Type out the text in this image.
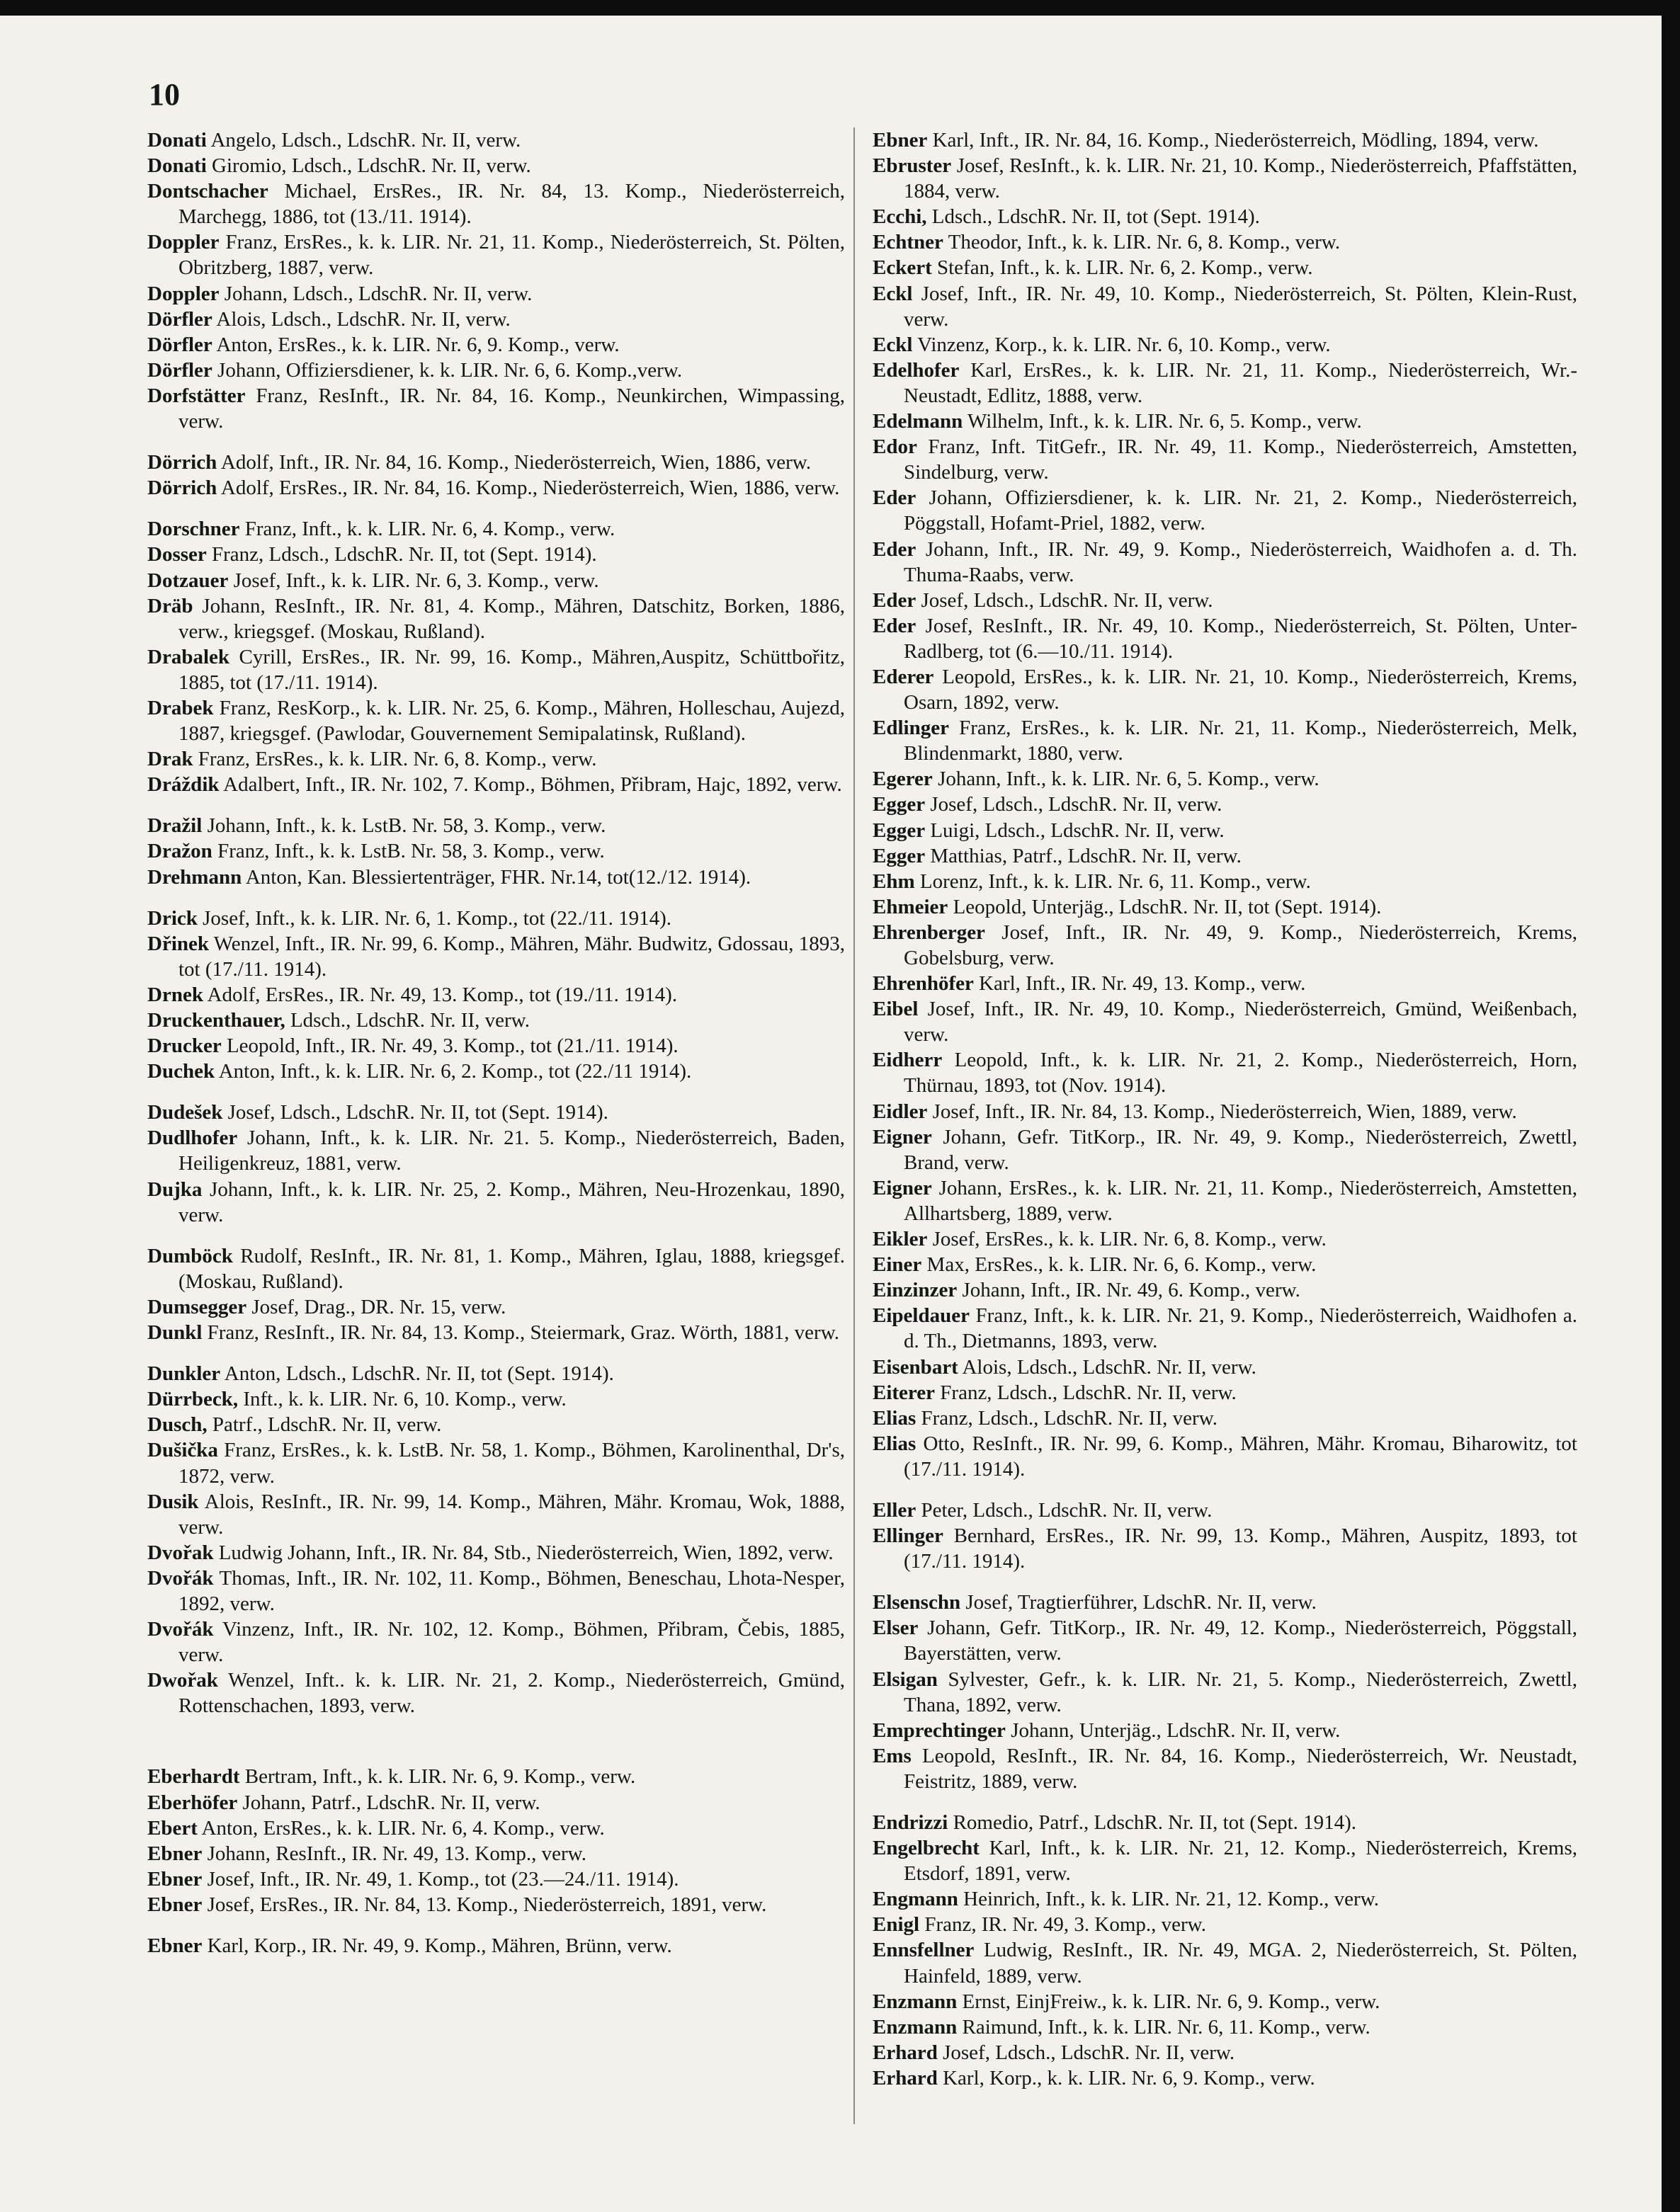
10
Donati Angelo, Ldsch., LdschR. Nr. II, verw.
Donati Giromio, Ldsch., LdschR. Nr. II, verw.
Dontschacher Michael, ErsRes., IR. Nr. 84, 13. Komp., Niederösterreich, Marchegg, 1886, tot (13./11. 1914).
Doppler Franz, ErsRes., k. k. LIR. Nr. 21, 11. Komp., Niederösterreich, St. Pölten, Obritzberg, 1887, verw.
Doppler Johann, Ldsch., LdschR. Nr. II, verw.
Dörfler Alois, Ldsch., LdschR. Nr. II, verw.
Dörfler Anton, ErsRes., k. k. LIR. Nr. 6, 9. Komp., verw.
Dörfler Johann, Offiziersdiener, k. k. LIR. Nr. 6, 6. Komp.,verw.
Dorfstätter Franz, ResInft., IR. Nr. 84, 16. Komp., Neunkirchen, Wimpassing, verw.
Dörrich Adolf, Inft., IR. Nr. 84, 16. Komp., Niederösterreich, Wien, 1886, verw.
Dörrich Adolf, ErsRes., IR. Nr. 84, 16. Komp., Niederösterreich, Wien, 1886, verw.
Dorschner Franz, Inft., k. k. LIR. Nr. 6, 4. Komp., verw.
Dosser Franz, Ldsch., LdschR. Nr. II, tot (Sept. 1914).
Dotzauer Josef, Inft., k. k. LIR. Nr. 6, 3. Komp., verw.
Dräb Johann, ResInft., IR. Nr. 81, 4. Komp., Mähren, Datschitz, Borken, 1886, verw., kriegsgef. (Moskau, Rußland).
Drabalek Cyrill, ErsRes., IR. Nr. 99, 16. Komp., Mähren,Auspitz, Schüttbořitz, 1885, tot (17./11. 1914).
Drabek Franz, ResKorp., k. k. LIR. Nr. 25, 6. Komp., Mähren, Holleschau, Aujezd, 1887, kriegsgef. (Pawlodar, Gouvernement Semipalatinsk, Rußland).
Drak Franz, ErsRes., k. k. LIR. Nr. 6, 8. Komp., verw.
Dráždik Adalbert, Inft., IR. Nr. 102, 7. Komp., Böhmen, Přibram, Hajc, 1892, verw.
Dražil Johann, Inft., k. k. LstB. Nr. 58, 3. Komp., verw.
Dražon Franz, Inft., k. k. LstB. Nr. 58, 3. Komp., verw.
Drehmann Anton, Kan. Blessiertenträger, FHR. Nr.14, tot(12./12. 1914).
Drick Josef, Inft., k. k. LIR. Nr. 6, 1. Komp., tot (22./11. 1914).
Dřinek Wenzel, Inft., IR. Nr. 99, 6. Komp., Mähren, Mähr. Budwitz, Gdossau, 1893, tot (17./11. 1914).
Drnek Adolf, ErsRes., IR. Nr. 49, 13. Komp., tot (19./11. 1914).
Druckenthauer, Ldsch., LdschR. Nr. II, verw.
Drucker Leopold, Inft., IR. Nr. 49, 3. Komp., tot (21./11. 1914).
Duchek Anton, Inft., k. k. LIR. Nr. 6, 2. Komp., tot (22./11 1914).
Dudešek Josef, Ldsch., LdschR. Nr. II, tot (Sept. 1914).
Dudlhofer Johann, Inft., k. k. LIR. Nr. 21. 5. Komp., Niederösterreich, Baden, Heiligenkreuz, 1881, verw.
Dujka Johann, Inft., k. k. LIR. Nr. 25, 2. Komp., Mähren, Neu-Hrozenkau, 1890, verw.
Dumböck Rudolf, ResInft., IR. Nr. 81, 1. Komp., Mähren, Iglau, 1888, kriegsgef. (Moskau, Rußland).
Dumsegger Josef, Drag., DR. Nr. 15, verw.
Dunkl Franz, ResInft., IR. Nr. 84, 13. Komp., Steiermark, Graz. Wörth, 1881, verw.
Dunkler Anton, Ldsch., LdschR. Nr. II, tot (Sept. 1914).
Dürrbeck, Inft., k. k. LIR. Nr. 6, 10. Komp., verw.
Dusch, Patrf., LdschR. Nr. II, verw.
Dušička Franz, ErsRes., k. k. LstB. Nr. 58, 1. Komp., Böhmen, Karolinenthal, Dr's, 1872, verw.
Dusik Alois, ResInft., IR. Nr. 99, 14. Komp., Mähren, Mähr. Kromau, Wok, 1888, verw.
Dvořak Ludwig Johann, Inft., IR. Nr. 84, Stb., Niederösterreich, Wien, 1892, verw.
Dvořák Thomas, Inft., IR. Nr. 102, 11. Komp., Böhmen, Beneschau, Lhota-Nesper, 1892, verw.
Dvořák Vinzenz, Inft., IR. Nr. 102, 12. Komp., Böhmen, Přibram, Čebis, 1885, verw.
Dwořak Wenzel, Inft.. k. k. LIR. Nr. 21, 2. Komp., Niederösterreich, Gmünd, Rottenschachen, 1893, verw.
Eberhardt Bertram, Inft., k. k. LIR. Nr. 6, 9. Komp., verw.
Eberhöfer Johann, Patrf., LdschR. Nr. II, verw.
Ebert Anton, ErsRes., k. k. LIR. Nr. 6, 4. Komp., verw.
Ebner Johann, ResInft., IR. Nr. 49, 13. Komp., verw.
Ebner Josef, Inft., IR. Nr. 49, 1. Komp., tot (23.—24./11. 1914).
Ebner Josef, ErsRes., IR. Nr. 84, 13. Komp., Niederösterreich, 1891, verw.
Ebner Karl, Korp., IR. Nr. 49, 9. Komp., Mähren, Brünn, verw.
Ebner Karl, Inft., IR. Nr. 84, 16. Komp., Niederösterreich, Mödling, 1894, verw.
Ebruster Josef, ResInft., k. k. LIR. Nr. 21, 10. Komp., Niederösterreich, Pfaffstätten, 1884, verw.
Ecchi, Ldsch., LdschR. Nr. II, tot (Sept. 1914).
Echtner Theodor, Inft., k. k. LIR. Nr. 6, 8. Komp., verw.
Eckert Stefan, Inft., k. k. LIR. Nr. 6, 2. Komp., verw.
Eckl Josef, Inft., IR. Nr. 49, 10. Komp., Niederösterreich, St. Pölten, Klein-Rust, verw.
Eckl Vinzenz, Korp., k. k. LIR. Nr. 6, 10. Komp., verw.
Edelhofer Karl, ErsRes., k. k. LIR. Nr. 21, 11. Komp., Niederösterreich, Wr.-Neustadt, Edlitz, 1888, verw.
Edelmann Wilhelm, Inft., k. k. LIR. Nr. 6, 5. Komp., verw.
Edor Franz, Inft. TitGefr., IR. Nr. 49, 11. Komp., Niederösterreich, Amstetten, Sindelburg, verw.
Eder Johann, Offiziersdiener, k. k. LIR. Nr. 21, 2. Komp., Niederösterreich, Pöggstall, Hofamt-Priel, 1882, verw.
Eder Johann, Inft., IR. Nr. 49, 9. Komp., Niederösterreich, Waidhofen a. d. Th. Thuma-Raabs, verw.
Eder Josef, Ldsch., LdschR. Nr. II, verw.
Eder Josef, ResInft., IR. Nr. 49, 10. Komp., Niederösterreich, St. Pölten, Unter-Radlberg, tot (6.—10./11. 1914).
Ederer Leopold, ErsRes., k. k. LIR. Nr. 21, 10. Komp., Niederösterreich, Krems, Osarn, 1892, verw.
Edlinger Franz, ErsRes., k. k. LIR. Nr. 21, 11. Komp., Niederösterreich, Melk, Blindenmarkt, 1880, verw.
Egerer Johann, Inft., k. k. LIR. Nr. 6, 5. Komp., verw.
Egger Josef, Ldsch., LdschR. Nr. II, verw.
Egger Luigi, Ldsch., LdschR. Nr. II, verw.
Egger Matthias, Patrf., LdschR. Nr. II, verw.
Ehm Lorenz, Inft., k. k. LIR. Nr. 6, 11. Komp., verw.
Ehmeier Leopold, Unterjäg., LdschR. Nr. II, tot (Sept. 1914).
Ehrenberger Josef, Inft., IR. Nr. 49, 9. Komp., Niederösterreich, Krems, Gobelsburg, verw.
Ehrenhöfer Karl, Inft., IR. Nr. 49, 13. Komp., verw.
Eibel Josef, Inft., IR. Nr. 49, 10. Komp., Niederösterreich, Gmünd, Weißenbach, verw.
Eidherr Leopold, Inft., k. k. LIR. Nr. 21, 2. Komp., Niederösterreich, Horn, Thürnau, 1893, tot (Nov. 1914).
Eidler Josef, Inft., IR. Nr. 84, 13. Komp., Niederösterreich, Wien, 1889, verw.
Eigner Johann, Gefr. TitKorp., IR. Nr. 49, 9. Komp., Niederösterreich, Zwettl, Brand, verw.
Eigner Johann, ErsRes., k. k. LIR. Nr. 21, 11. Komp., Niederösterreich, Amstetten, Allhartsberg, 1889, verw.
Eikler Josef, ErsRes., k. k. LIR. Nr. 6, 8. Komp., verw.
Einer Max, ErsRes., k. k. LIR. Nr. 6, 6. Komp., verw.
Einzinzer Johann, Inft., IR. Nr. 49, 6. Komp., verw.
Eipeldauer Franz, Inft., k. k. LIR. Nr. 21, 9. Komp., Niederösterreich, Waidhofen a. d. Th., Dietmanns, 1893, verw.
Eisenbart Alois, Ldsch., LdschR. Nr. II, verw.
Eiterer Franz, Ldsch., LdschR. Nr. II, verw.
Elias Franz, Ldsch., LdschR. Nr. II, verw.
Elias Otto, ResInft., IR. Nr. 99, 6. Komp., Mähren, Mähr. Kromau, Biharowitz, tot (17./11. 1914).
Eller Peter, Ldsch., LdschR. Nr. II, verw.
Ellinger Bernhard, ErsRes., IR. Nr. 99, 13. Komp., Mähren, Auspitz, 1893, tot (17./11. 1914).
Elsenschn Josef, Tragtierführer, LdschR. Nr. II, verw.
Elser Johann, Gefr. TitKorp., IR. Nr. 49, 12. Komp., Niederösterreich, Pöggstall, Bayerstätten, verw.
Elsigan Sylvester, Gefr., k. k. LIR. Nr. 21, 5. Komp., Niederösterreich, Zwettl, Thana, 1892, verw.
Emprechtinger Johann, Unterjäg., LdschR. Nr. II, verw.
Ems Leopold, ResInft., IR. Nr. 84, 16. Komp., Niederösterreich, Wr. Neustadt, Feistritz, 1889, verw.
Endrizzi Romedio, Patrf., LdschR. Nr. II, tot (Sept. 1914).
Engelbrecht Karl, Inft., k. k. LIR. Nr. 21, 12. Komp., Niederösterreich, Krems, Etsdorf, 1891, verw.
Engmann Heinrich, Inft., k. k. LIR. Nr. 21, 12. Komp., verw.
Enigl Franz, IR. Nr. 49, 3. Komp., verw.
Ennsfellner Ludwig, ResInft., IR. Nr. 49, MGA. 2, Niederösterreich, St. Pölten, Hainfeld, 1889, verw.
Enzmann Ernst, EinjFreiw., k. k. LIR. Nr. 6, 9. Komp., verw.
Enzmann Raimund, Inft., k. k. LIR. Nr. 6, 11. Komp., verw.
Erhard Josef, Ldsch., LdschR. Nr. II, verw.
Erhard Karl, Korp., k. k. LIR. Nr. 6, 9. Komp., verw.
